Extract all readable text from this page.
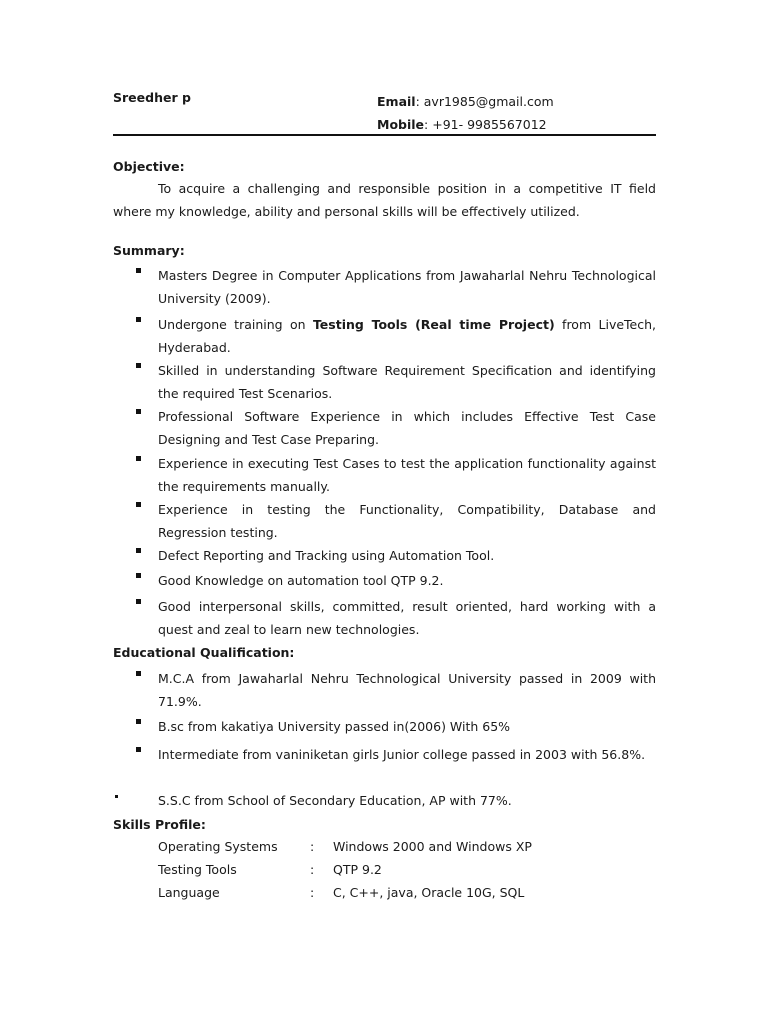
Sreedher p	Email: avr1985@gmail.com
Mobile: +91- 9985567012
Objective:
To acquire a challenging and responsible position in a competitive IT field where my knowledge, ability and personal skills will be effectively utilized.
Summary:
Masters Degree in Computer Applications from Jawaharlal Nehru Technological University (2009).
Undergone training on Testing Tools (Real time Project) from LiveTech, Hyderabad.
Skilled in understanding Software Requirement Specification and identifying the required Test Scenarios.
Professional Software Experience in which includes Effective Test Case Designing and Test Case Preparing.
Experience in executing Test Cases to test the application functionality against the requirements manually.
Experience in testing the Functionality, Compatibility, Database and Regression testing.
Defect Reporting and Tracking using Automation Tool.
Good Knowledge on automation tool QTP 9.2.
Good interpersonal skills, committed, result oriented, hard working with a quest and zeal to learn new technologies.
Educational Qualification:
M.C.A from Jawaharlal Nehru Technological University passed in 2009 with 71.9%.
B.sc from kakatiya University passed in(2006) With 65%
Intermediate from vaniniketan girls Junior college passed in 2003 with 56.8%.
S.S.C from School of Secondary Education, AP with 77%.
Skills Profile:
Operating Systems	: Windows 2000 and Windows XP
Testing Tools	: QTP 9.2
Language	: C, C++, java, Oracle 10G, SQL
